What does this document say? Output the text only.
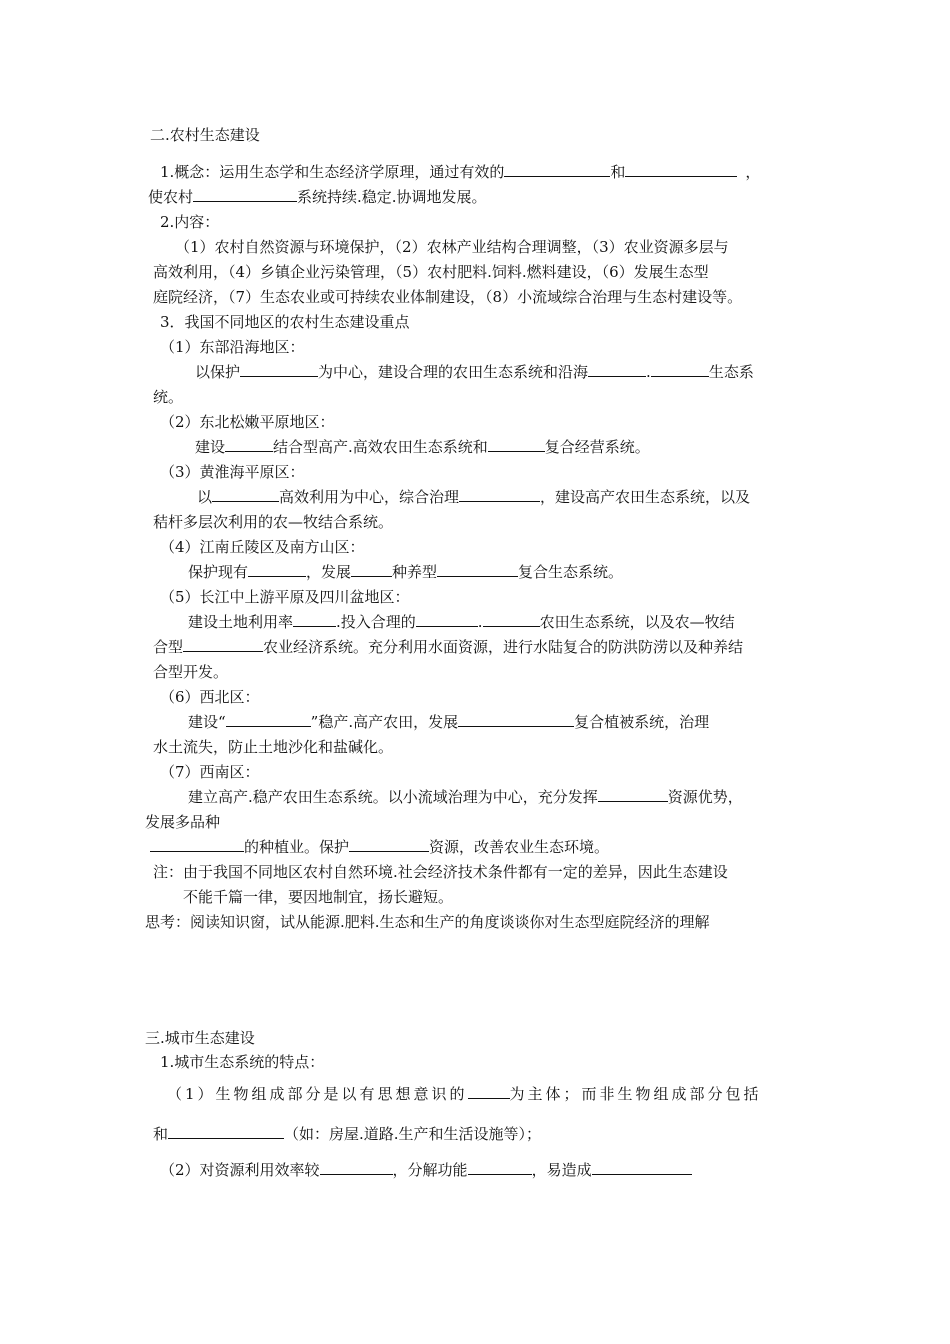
二.农村生态建设
1.概念：运用生态学和生态经济学原理，通过有效的	和	，
使农村	系统持续.稳定.协调地发展。
2.内容：
（1）农村自然资源与环境保护，（2）农林产业结构合理调整，（3）农业资源多层与
高效利用，（4）乡镇企业污染管理，（5）农村肥料.饲料.燃料建设，（6）发展生态型
庭院经济，（7）生态农业或可持续农业体制建设，（8）小流域综合治理与生态村建设等。
3．我国不同地区的农村生态建设重点
（1）东部沿海地区：
以保护	为中心，建设合理的农田生态系统和沿海	.	生态系
统。
（2）东北松嫩平原地区：
建设	结合型高产.高效农田生态系统和	复合经营系统。
（3）黄淮海平原区：
以	高效利用为中心，综合治理	，建设高产农田生态系统，以及
秸杆多层次利用的农—牧结合系统。
（4）江南丘陵区及南方山区：
保护现有	，发展	种养型	复合生态系统。
（5）长江中上游平原及四川盆地区：
建设土地利用率	.投入合理的	.	农田生态系统，以及农—牧结
合型	农业经济系统。充分利用水面资源，进行水陆复合的防洪防涝以及种养结
合型开发。
（6）西北区：
建设“	”稳产.高产农田，发展	复合植被系统，治理
水土流失，防止土地沙化和盐碱化。
（7）西南区：
建立高产.稳产农田生态系统。以小流域治理为中心，充分发挥	资源优势，
发展多品种
的种植业。保护	资源，改善农业生态环境。
注：由于我国不同地区农村自然环境.社会经济技术条件都有一定的差异，因此生态建设
不能千篇一律，要因地制宜，扬长避短。
思考：阅读知识窗，试从能源.肥料.生态和生产的角度谈谈你对生态型庭院经济的理解
三.城市生态建设
1.城市生态系统的特点：
（1）生物组成部分是以有思想意识的	为主体；而非生物组成部分包括
和	（如：房屋.道路.生产和生活设施等）；
（2）对资源利用效率较	，分解功能	，易造成
